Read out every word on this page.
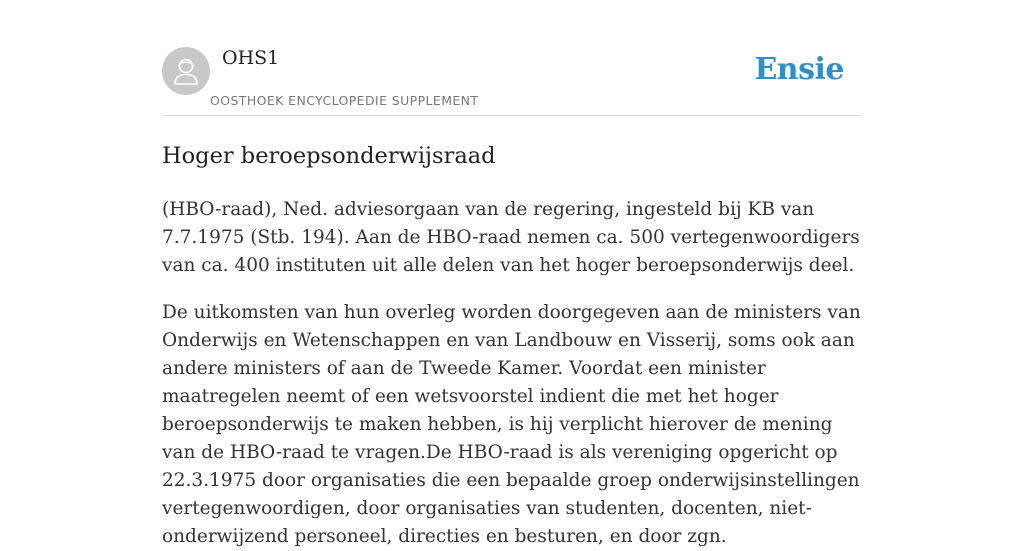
OHS1
OOSTHOEK ENCYCLOPEDIE SUPPLEMENT
Ensie
Hoger beroepsonderwijsraad

(HBO-raad), Ned. adviesorgaan van de regering, ingesteld bij KB van 7.7.1975 (Stb. 194). Aan de HBO-raad nemen ca. 500 vertegenwoordigers van ca. 400 instituten uit alle delen van het hoger beroepsonderwijs deel.

De uitkomsten van hun overleg worden doorgegeven aan de ministers van Onderwijs en Wetenschappen en van Landbouw en Visserij, soms ook aan andere ministers of aan de Tweede Kamer. Voordat een minister maatregelen neemt of een wetsvoorstel indient die met het hoger beroepsonderwijs te maken hebben, is hij verplicht hierover de mening van de HBO-raad te vragen.De HBO-raad is als vereniging opgericht op 22.3.1975 door organisaties die een bepaalde groep onderwijsinstellingen vertegenwoordigen, door organisaties van studenten, docenten, niet-onderwijzend personeel, directies en besturen, en door zgn.
